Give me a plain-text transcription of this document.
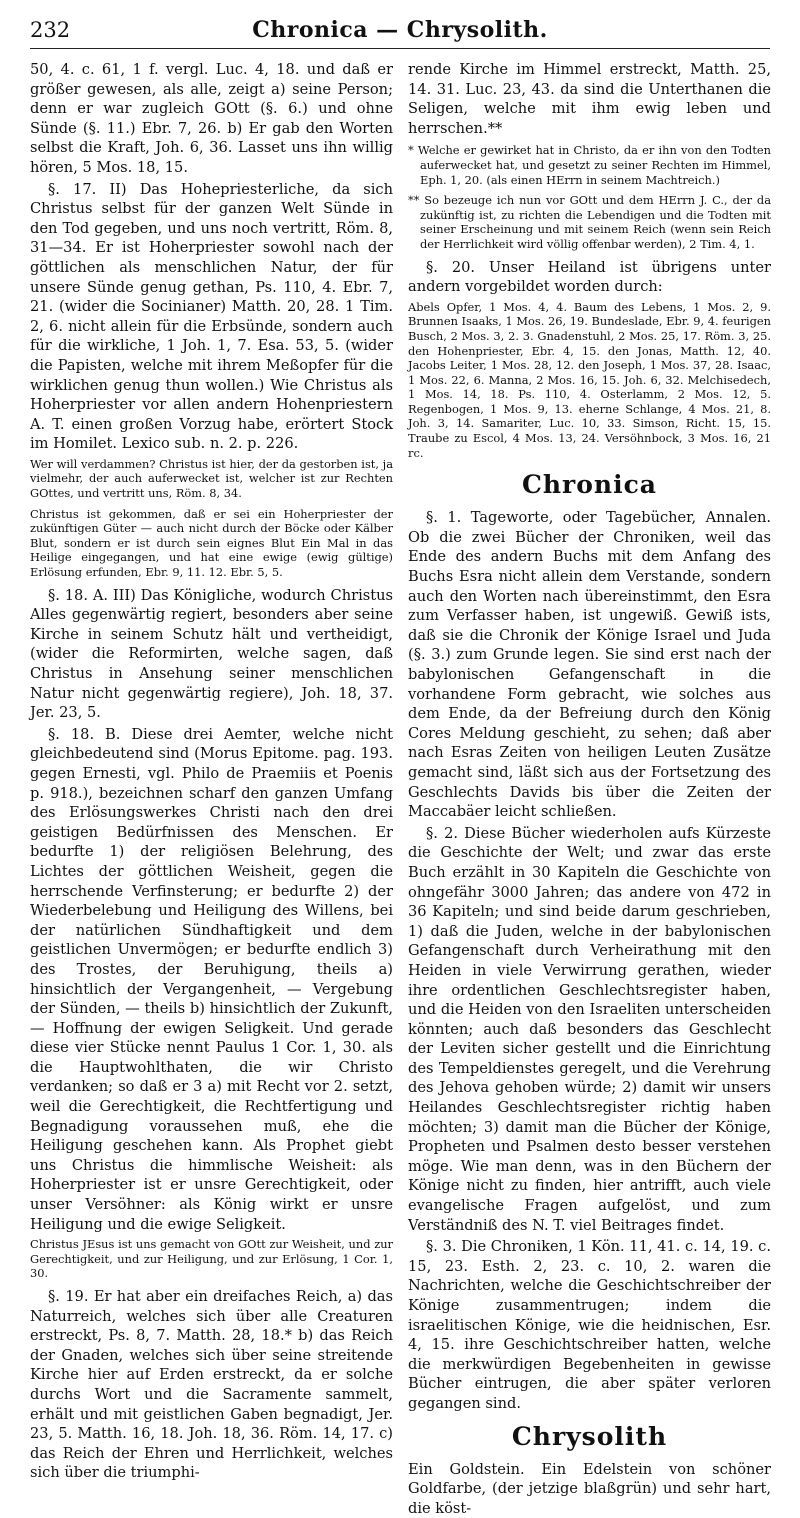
232	Chronica — Chrysolith.

50, 4. c. 61, 1 f. vergl. Luc. 4, 18. und daß er größer gewesen, als alle, zeigt a) seine Person; denn er war zugleich GOtt (§. 6.) und ohne Sünde (§. 11.) Ebr. 7, 26. b) Er gab den Worten selbst die Kraft, Joh. 6, 36. Lasset uns ihn willig hören, 5 Mos. 18, 15.

§. 17. II) Das Hohepriesterliche, da sich Christus selbst für der ganzen Welt Sünde in den Tod gegeben, und uns noch vertritt, Röm. 8, 31—34. Er ist Hoherpriester sowohl nach der göttlichen als menschlichen Natur, der für unsere Sünde genug gethan, Ps. 110, 4. Ebr. 7, 21. (wider die Socinianer) Matth. 20, 28. 1 Tim. 2, 6. nicht allein für die Erbsünde, sondern auch für die wirkliche, 1 Joh. 1, 7. Esa. 53, 5. (wider die Papisten, welche mit ihrem Meßopfer für die wirklichen genug thun wollen.) Wie Christus als Hoherpriester vor allen andern Hohenpriestern A. T. einen großen Vorzug habe, erörtert Stock im Homilet. Lexico sub. n. 2. p. 226.

Wer will verdammen? Christus ist hier, der da gestorben ist, ja vielmehr, der auch auferwecket ist, welcher ist zur Rechten GOttes, und vertritt uns, Röm. 8, 34.

Christus ist gekommen, daß er sei ein Hoherpriester der zukünftigen Güter — auch nicht durch der Böcke oder Kälber Blut, sondern er ist durch sein eignes Blut Ein Mal in das Heilige eingegangen, und hat eine ewige (ewig gültige) Erlösung erfunden, Ebr. 9, 11. 12. Ebr. 5, 5.

§. 18. A. III) Das Königliche, wodurch Christus Alles gegenwärtig regiert, besonders aber seine Kirche in seinem Schutz hält und vertheidigt, (wider die Reformirten, welche sagen, daß Christus in Ansehung seiner menschlichen Natur nicht gegenwärtig regiere), Joh. 18, 37. Jer. 23, 5.

§. 18. B. Diese drei Aemter, welche nicht gleichbedeutend sind (Morus Epitome. pag. 193. gegen Ernesti, vgl. Philo de Praemiis et Poenis p. 918.), bezeichnen scharf den ganzen Umfang des Erlösungswerkes Christi nach den drei geistigen Bedürfnissen des Menschen. Er bedurfte 1) der religiösen Belehrung, des Lichtes der göttlichen Weisheit, gegen die herrschende Verfinsterung; er bedurfte 2) der Wiederbelebung und Heiligung des Willens, bei der natürlichen Sündhaftigkeit und dem geistlichen Unvermögen; er bedurfte endlich 3) des Trostes, der Beruhigung, theils a) hinsichtlich der Vergangenheit, — Vergebung der Sünden, — theils b) hinsichtlich der Zukunft, — Hoffnung der ewigen Seligkeit. Und gerade diese vier Stücke nennt Paulus 1 Cor. 1, 30. als die Hauptwohlthaten, die wir Christo verdanken; so daß er 3 a) mit Recht vor 2. setzt, weil die Gerechtigkeit, die Rechtfertigung und Begnadigung voraussehen muß, ehe die Heiligung geschehen kann. Als Prophet giebt uns Christus die himmlische Weisheit: als Hoherpriester ist er unsre Gerechtigkeit, oder unser Versöhner: als König wirkt er unsre Heiligung und die ewige Seligkeit.

Christus JEsus ist uns gemacht von GOtt zur Weisheit, und zur Gerechtigkeit, und zur Heiligung, und zur Erlösung, 1 Cor. 1, 30.

§. 19. Er hat aber ein dreifaches Reich, a) das Naturreich, welches sich über alle Creaturen erstreckt, Ps. 8, 7. Matth. 28, 18.* b) das Reich der Gnaden, welches sich über seine streitende Kirche hier auf Erden erstreckt, da er solche durchs Wort und die Sacramente sammelt, erhält und mit geistlichen Gaben begnadigt, Jer. 23, 5. Matth. 16, 18. Joh. 18, 36. Röm. 14, 17. c) das Reich der Ehren und Herrlichkeit, welches sich über die triumphi-

rende Kirche im Himmel erstreckt, Matth. 25, 14. 31. Luc. 23, 43. da sind die Unterthanen die Seligen, welche mit ihm ewig leben und herrschen.**

* Welche er gewirket hat in Christo, da er ihn von den Todten auferwecket hat, und gesetzt zu seiner Rechten im Himmel, Eph. 1, 20. (als einen HErrn in seinem Machtreich.)

** So bezeuge ich nun vor GOtt und dem HErrn J. C., der da zukünftig ist, zu richten die Lebendigen und die Todten mit seiner Erscheinung und mit seinem Reich (wenn sein Reich der Herrlichkeit wird völlig offenbar werden), 2 Tim. 4, 1.

§. 20. Unser Heiland ist übrigens unter andern vorgebildet worden durch:

Abels Opfer, 1 Mos. 4, 4. Baum des Lebens, 1 Mos. 2, 9. Brunnen Isaaks, 1 Mos. 26, 19. Bundeslade, Ebr. 9, 4. feurigen Busch, 2 Mos. 3, 2. 3. Gnadenstuhl, 2 Mos. 25, 17. Röm. 3, 25. den Hohenpriester, Ebr. 4, 15. den Jonas, Matth. 12, 40. Jacobs Leiter, 1 Mos. 28, 12. den Joseph, 1 Mos. 37, 28. Isaac, 1 Mos. 22, 6. Manna, 2 Mos. 16, 15. Joh. 6, 32. Melchisedech, 1 Mos. 14, 18. Ps. 110, 4. Osterlamm, 2 Mos. 12, 5. Regenbogen, 1 Mos. 9, 13. eherne Schlange, 4 Mos. 21, 8. Joh. 3, 14. Samariter, Luc. 10, 33. Simson, Richt. 15, 15. Traube zu Escol, 4 Mos. 13, 24. Versöhnbock, 3 Mos. 16, 21 rc.

Chronica

§. 1. Tageworte, oder Tagebücher, Annalen. Ob die zwei Bücher der Chroniken, weil das Ende des andern Buchs mit dem Anfang des Buchs Esra nicht allein dem Verstande, sondern auch den Worten nach übereinstimmt, den Esra zum Verfasser haben, ist ungewiß. Gewiß ists, daß sie die Chronik der Könige Israel und Juda (§. 3.) zum Grunde legen. Sie sind erst nach der babylonischen Gefangenschaft in die vorhandene Form gebracht, wie solches aus dem Ende, da der Befreiung durch den König Cores Meldung geschieht, zu sehen; daß aber nach Esras Zeiten von heiligen Leuten Zusätze gemacht sind, läßt sich aus der Fortsetzung des Geschlechts Davids bis über die Zeiten der Maccabäer leicht schließen.

§. 2. Diese Bücher wiederholen aufs Kürzeste die Geschichte der Welt; und zwar das erste Buch erzählt in 30 Kapiteln die Geschichte von ohngefähr 3000 Jahren; das andere von 472 in 36 Kapiteln; und sind beide darum geschrieben, 1) daß die Juden, welche in der babylonischen Gefangenschaft durch Verheirathung mit den Heiden in viele Verwirrung gerathen, wieder ihre ordentlichen Geschlechtsregister haben, und die Heiden von den Israeliten unterscheiden könnten; auch daß besonders das Geschlecht der Leviten sicher gestellt und die Einrichtung des Tempeldienstes geregelt, und die Verehrung des Jehova gehoben würde; 2) damit wir unsers Heilandes Geschlechtsregister richtig haben möchten; 3) damit man die Bücher der Könige, Propheten und Psalmen desto besser verstehen möge. Wie man denn, was in den Büchern der Könige nicht zu finden, hier antrifft, auch viele evangelische Fragen aufgelöst, und zum Verständniß des N. T. viel Beitrages findet.

§. 3. Die Chroniken, 1 Kön. 11, 41. c. 14, 19. c. 15, 23. Esth. 2, 23. c. 10, 2. waren die Nachrichten, welche die Geschichtschreiber der Könige zusammentrugen; indem die israelitischen Könige, wie die heidnischen, Esr. 4, 15. ihre Geschichtschreiber hatten, welche die merkwürdigen Begebenheiten in gewisse Bücher eintrugen, die aber später verloren gegangen sind.

Chrysolith

Ein Goldstein. Ein Edelstein von schöner Goldfarbe, (der jetzige blaßgrün) und sehr hart, die köst-
